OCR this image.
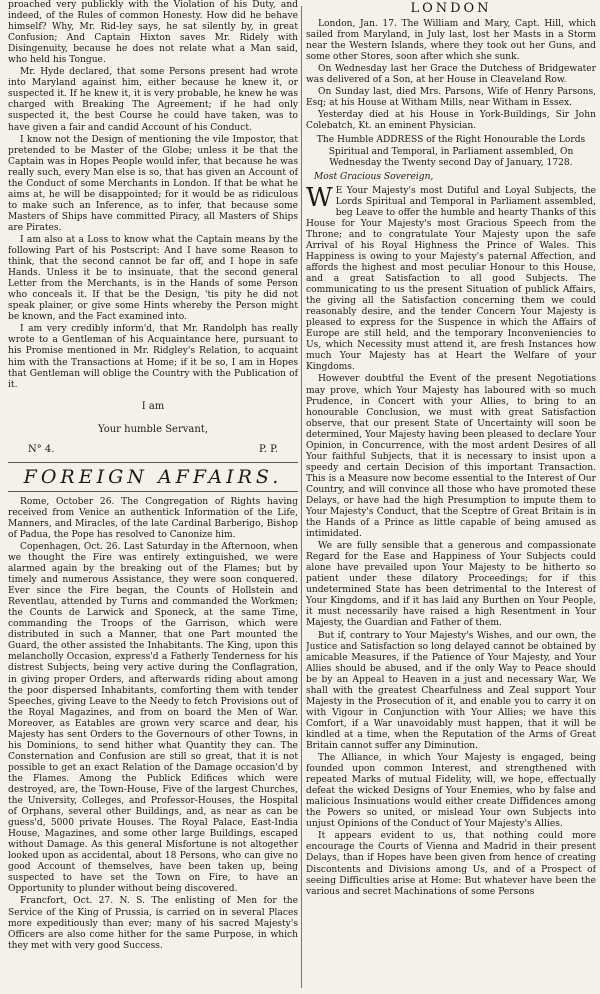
proached very publickly with the Violation of his Duty, and indeed, of the Rules of common Honesty. How did he behave himself? Why, Mr. Rid-ley says, he sat silently by, in great Confusion; And Captain Hixton saves Mr. Ridely with Disingenuity, because he does not relate what a Man said, who held his Tongue.

Mr. Hyde declared, that some Persons present had wrote into Maryland against him, either because he knew it, or suspected it. If he knew it, it is very probable, he knew he was charged with Breaking The Agreement; if he had only suspected it, the best Course he could have taken, was to have given a fair and candid Account of his Conduct.

I know not the Design of mentioning the vile Impostor, that pretended to be Master of the Globe; unless it be that the Captain was in Hopes People would infer, that because he was really such, every Man else is so, that has given an Account of the Conduct of some Merchants in London. If that be what he aims at, he will be disappointed; for it would be as ridiculous to make such an Inference, as to infer, that because some Masters of Ships have committed Piracy, all Masters of Ships are Pirates.

I am also at a Loss to know what the Captain means by the following Part of his Postscript: And I have some Reason to think, that the second cannot be far off, and I hope in safe Hands. Unless it be to insinuate, that the second general Letter from the Merchants, is in the Hands of some Person who conceals it. If that be the Design, 'tis pity he did not speak plainer, or give some Hints whereby the Person might be known, and the Fact examined into.

I am very credibly inform'd, that Mr. Randolph has really wrote to a Gentleman of his Acquaintance here, pursuant to his Promise mentioned in Mr. Ridgley's Relation, to acquaint him with the Transactions at Home; if it be so, I am in Hopes that Gentleman will oblige the Country with the Publication of it.

I am

Your humble Servant,

N° 4.	P. P.
FOREIGN AFFAIRS.

Rome, October 26. The Congregation of Rights having received from Venice an authentick Information of the Life, Manners, and Miracles, of the late Cardinal Barberigo, Bishop of Padua, the Pope has resolved to Canonize him.

Copenhagen, Oct. 26. Last Saturday in the Afternoon, when we thought the Fire was entirely extinguished, we were alarmed again by the breaking out of the Flames; but by timely and numerous Assistance, they were soon conquered. Ever since the Fire began, the Counts of Hollstein and Reventlau, attended by Turns and commanded the Workmen; the Counts de Larwick and Sponeck, at the same Time, commanding the Troops of the Garrison, which were distributed in such a Manner, that one Part mounted the Guard, the other assisted the Inhabitants. The King, upon this melancholly Occasion, express'd a Fatherly Tenderness for his distrest Subjects, being very active during the Conflagration, in giving proper Orders, and afterwards riding about among the poor dispersed Inhabitants, comforting them with tender Speeches, giving Leave to the Needy to fetch Provisions out of the Royal Magazines, and from on board the Men of War. Moreover, as Eatables are grown very scarce and dear, his Majesty has sent Orders to the Governours of other Towns, in his Dominions, to send hither what Quantity they can. The Consternation and Confusion are still so great, that it is not possible to get an exact Relation of the Damage occasion'd by the Flames. Among the Publick Edifices which were destroyed, are, the Town-House, Five of the largest Churches, the University, Colleges, and Professor-Houses, the Hospital of Orphans, several other Buildings, and, as near as can be guess'd, 5000 private Houses. The Royal Palace, East-India House, Magazines, and some other large Buildings, escaped without Damage. As this general Misfortune is not altogether looked upon as accidental, about 18 Persons, who can give no good Account of themselves, have been taken up, being suspected to have set the Town on Fire, to have an Opportunity to plunder without being discovered.

Francfort, Oct. 27. N. S. The enlisting of Men for the Service of the King of Prussia, is carried on in several Places more expeditiously than ever; many of his sacred Majesty's Officers are also come hither for the same Purpose, in which they met with very good Success.

LONDON

London, Jan. 17. The William and Mary, Capt. Hill, which sailed from Maryland, in July last, lost her Masts in a Storm near the Western Islands, where they took out her Guns, and some other Stores, soon after which she sunk.

On Wednesday last her Grace the Dutchess of Bridgewater was delivered of a Son, at her House in Cleaveland Row.

On Sunday last, died Mrs. Parsons, Wife of Henry Parsons, Esq; at his House at Witham Mills, near Witham in Essex.

Yesterday died at his House in York-Buildings, Sir John Colebatch, Kt. an eminent Physician.

The Humble ADDRESS of the Right Honourable the Lords Spiritual and Temporal, in Parliament assembled, On Wednesday the Twenty second Day of January, 1728.

Most Gracious Sovereign,

W E Your Majesty's most Dutiful and Loyal Subjects, the Lords Spiritual and Temporal in Parliament assembled, beg Leave to offer the humble and hearty Thanks of this House for Your Majesty's most Gracious Speech from the Throne; and to congratulate Your Majesty upon the safe Arrival of his Royal Highness the Prince of Wales. This Happiness is owing to your Majesty's paternal Affection, and affords the highest and most peculiar Honour to this House, and a great Satisfaction to all good Subjects. The communicating to us the present Situation of publick Affairs, the giving all the Satisfaction concerning them we could reasonably desire, and the tender Concern Your Majesty is pleased to express for the Suspence in which the Affairs of Europe are still held, and the temporary Inconveniencies to Us, which Necessity must attend it, are fresh Instances how much Your Majesty has at Heart the Welfare of your Kingdoms.

However doubtful the Event of the present Negotiations may prove, which Your Majesty has laboured with so much Prudence, in Concert with your Allies, to bring to an honourable Conclusion, we must with great Satisfaction observe, that our present State of Uncertainty will soon be determined, Your Majesty having been pleased to declare Your Opinion, in Concurrence, with the most ardent Desires of all Your faithful Subjects, that it is necessary to insist upon a speedy and certain Decision of this important Transaction. This is a Measure now become essential to the Interest of Our Country, and will convince all those who have promoted these Delays, or have had the high Presumption to impute them to Your Majesty's Conduct, that the Sceptre of Great Britain is in the Hands of a Prince as little capable of being amused as intimidated.

We are fully sensible that a generous and compassionate Regard for the Ease and Happiness of Your Subjects could alone have prevailed upon Your Majesty to be hitherto so patient under these dilatory Proceedings; for if this undetermined State has been detrimental to the Interest of Your Kingdoms, and if it has laid any Burthen on Your People, it must necessarily have raised a high Resentment in Your Majesty, the Guardian and Father of them.

But if, contrary to Your Majesty's Wishes, and our own, the Justice and Satisfaction so long delayed cannot be obtained by amicable Measures, if the Patience of Your Majesty, and Your Allies should be abused, and if the only Way to Peace should be by an Appeal to Heaven in a just and necessary War, We shall with the greatest Chearfulness and Zeal support Your Majesty in the Prosecution of it, and enable you to carry it on with Vigour in Conjunction with Your Allies; we have this Comfort, if a War unavoidably must happen, that it will be kindled at a time, when the Reputation of the Arms of Great Britain cannot suffer any Diminution.

The Alliance, in which Your Majesty is engaged, being founded upon common Interest, and strengthened with repeated Marks of mutual Fidelity, will, we hope, effectually defeat the wicked Designs of Your Enemies, who by false and malicious Insinuations would either create Diffidences among the Powers so united, or mislead Your own Subjects into unjust Opinions of the Conduct of Your Majesty's Allies.

It appears evident to us, that nothing could more encourage the Courts of Vienna and Madrid in their present Delays, than if Hopes have been given from hence of creating Discontents and Divisions among Us, and of a Prospect of seeing Difficulties arise at Home: But whatever have been the various and secret Machinations of some Persons
